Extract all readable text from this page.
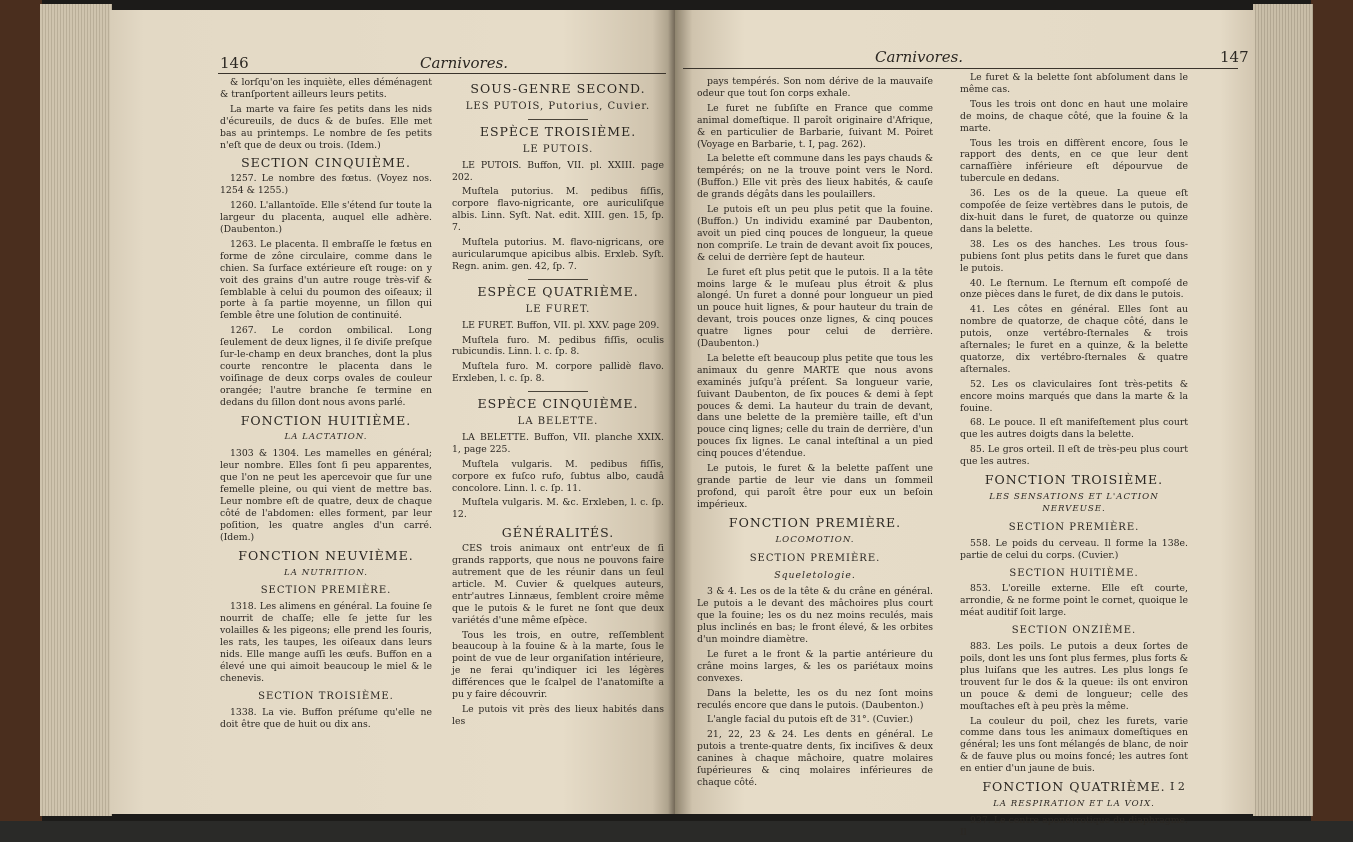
146	Carnivores.

& lorſqu'on les inquiète, elles déménagent & tranſportent ailleurs leurs petits.

La marte va faire ſes petits dans les nids d'écureuils, de ducs & de buſes. Elle met bas au printemps. Le nombre de ſes petits n'eſt que de deux ou trois. (Idem.)

SECTION CINQUIÈME.

1257. Le nombre des fœtus. (Voyez nos. 1254 & 1255.)

1260. L'allantoïde. Elle s'étend ſur toute la largeur du placenta, auquel elle adhère. (Daubenton.)

1263. Le placenta. Il embraſſe le fœtus en forme de zône circulaire, comme dans le chien. Sa ſurface extérieure eſt rouge: on y voit des grains d'un autre rouge très-vif & ſemblable à celui du poumon des oiſeaux; il porte à ſa partie moyenne, un ſillon qui ſemble être une ſolution de continuité.

1267. Le cordon ombilical. Long ſeulement de deux lignes, il ſe diviſe preſque ſur-le-champ en deux branches, dont la plus courte rencontre le placenta dans le voiſinage de deux corps ovales de couleur orangée; l'autre branche ſe termine en dedans du ſillon dont nous avons parlé.

FONCTION HUITIÈME.

LA LACTATION.

1303 & 1304. Les mamelles en général; leur nombre. Elles ſont ſi peu apparentes, que l'on ne peut les apercevoir que ſur une femelle pleine, ou qui vient de mettre bas. Leur nombre eſt de quatre, deux de chaque côté de l'abdomen: elles forment, par leur poſition, les quatre angles d'un carré. (Idem.)

FONCTION NEUVIÈME.

LA NUTRITION.

SECTION PREMIÈRE.

1318. Les alimens en général. La fouine ſe nourrit de chaſſe; elle ſe jette ſur les volailles & les pigeons; elle prend les ſouris, les rats, les taupes, les oiſeaux dans leurs nids. Elle mange auſſi les œufs. Buffon en a élevé une qui aimoit beaucoup le miel & le chenevis.

SECTION TROISIÈME.

1338. La vie. Buffon préſume qu'elle ne doit être que de huit ou dix ans.

SOUS-GENRE SECOND.

LES PUTOIS, Putorius, Cuvier.

ESPÈCE TROISIÈME.

LE PUTOIS.

LE PUTOIS. Buffon, VII. pl. XXIII. page 202.

Muſtela putorius. M. pedibus fiſſis, corpore flavo-nigricante, ore auriculiſque albis. Linn. Syſt. Nat. edit. XIII. gen. 15, ſp. 7.

Muſtela putorius. M. flavo-nigricans, ore auricularumque apicibus albis. Erxleb. Syſt. Regn. anim. gen. 42, ſp. 7.

ESPÈCE QUATRIÈME.

LE FURET.

LE FURET. Buffon, VII. pl. XXV. page 209.

Muſtela furo. M. pedibus fiſſis, oculis rubicundis. Linn. l. c. ſp. 8.

Muſtela furo. M. corpore pallidè flavo. Erxleben, l. c. ſp. 8.

ESPÈCE CINQUIÈME.

LA BELETTE.

LA BELETTE. Buffon, VII. planche XXIX. 1, page 225.

Muſtela vulgaris. M. pedibus fiſſis, corpore ex fuſco rufo, ſubtus albo, caudâ concolore. Linn. l. c. ſp. 11.

Muſtela vulgaris. M. &c. Erxleben, l. c. ſp. 12.

GÉNÉRALITÉS.

CES trois animaux ont entr'eux de ſi grands rapports, que nous ne pouvons faire autrement que de les réunir dans un ſeul article. M. Cuvier & quelques auteurs, entr'autres Linnæus, ſemblent croire même que le putois & le furet ne ſont que deux variétés d'une même eſpèce.

Tous les trois, en outre, reſſemblent beaucoup à la fouine & à la marte, ſous le point de vue de leur organiſation intérieure, je ne ferai qu'indiquer ici les légères différences que le ſcalpel de l'anatomiſte a pu y faire découvrir.

Le putois vit près des lieux habités dans les

Carnivores.	147

pays tempérés. Son nom dérive de la mauvaiſe odeur que tout ſon corps exhale.

Le furet ne ſubſiſte en France que comme animal domeſtique. Il paroît originaire d'Afrique, & en particulier de Barbarie, ſuivant M. Poiret (Voyage en Barbarie, t. I, pag. 262).

La belette eſt commune dans les pays chauds & tempérés; on ne la trouve point vers le Nord. (Buffon.) Elle vit près des lieux habités, & cauſe de grands dégâts dans les poulaillers.

Le putois eſt un peu plus petit que la fouine. (Buffon.) Un individu examiné par Daubenton, avoit un pied cinq pouces de longueur, la queue non compriſe. Le train de devant avoit ſix pouces, & celui de derrière ſept de hauteur.

Le furet eſt plus petit que le putois. Il a la tête moins large & le muſeau plus étroit & plus alongé. Un furet a donné pour longueur un pied un pouce huit lignes, & pour hauteur du train de devant, trois pouces onze lignes, & cinq pouces quatre lignes pour celui de derrière. (Daubenton.)

La belette eſt beaucoup plus petite que tous les animaux du genre MARTE que nous avons examinés juſqu'à préſent. Sa longueur varie, ſuivant Daubenton, de ſix pouces & demi à ſept pouces & demi. La hauteur du train de devant, dans une belette de la première taille, eſt d'un pouce cinq lignes; celle du train de derrière, d'un pouces ſix lignes. Le canal inteſtinal a un pied cinq pouces d'étendue.

Le putois, le furet & la belette paſſent une grande partie de leur vie dans un ſommeil profond, qui paroît être pour eux un beſoin impérieux.

FONCTION PREMIÈRE.

LOCOMOTION.

SECTION PREMIÈRE.

Squeletologie.

3 & 4. Les os de la tête & du crâne en général. Le putois a le devant des mâchoires plus court que la fouine; les os du nez moins reculés, mais plus inclinés en bas; le front élevé, & les orbites d'un moindre diamètre.

Le furet a le front & la partie antérieure du crâne moins larges, & les os pariétaux moins convexes.

Dans la belette, les os du nez ſont moins reculés encore que dans le putois. (Daubenton.)

L'angle facial du putois eſt de 31°. (Cuvier.)

21, 22, 23 & 24. Les dents en général. Le putois a trente-quatre dents, ſix inciſives & deux canines à chaque mâchoire, quatre molaires ſupérieures & cinq molaires inférieures de chaque côté.

Le furet & la belette ſont abſolument dans le même cas.

Tous les trois ont donc en haut une molaire de moins, de chaque côté, que la fouine & la marte.

Tous les trois en diffèrent encore, ſous le rapport des dents, en ce que leur dent carnaſſière inférieure eſt dépourvue de tubercule en dedans.

36. Les os de la queue. La queue eſt compoſée de ſeize vertèbres dans le putois, de dix-huit dans le furet, de quatorze ou quinze dans la belette.

38. Les os des hanches. Les trous ſous-pubiens ſont plus petits dans le furet que dans le putois.

40. Le ſternum. Le ſternum eſt compoſé de onze pièces dans le furet, de dix dans le putois.

41. Les côtes en général. Elles ſont au nombre de quatorze, de chaque côté, dans le putois, onze vertébro-ſternales & trois aſternales; le furet en a quinze, & la belette quatorze, dix vertébro-ſternales & quatre aſternales.

52. Les os claviculaires ſont très-petits & encore moins marqués que dans la marte & la fouine.

68. Le pouce. Il eſt manifeſtement plus court que les autres doigts dans la belette.

85. Le gros orteil. Il eſt de très-peu plus court que les autres.

FONCTION TROISIÈME.

LES SENSATIONS ET L'ACTION NERVEUSE.

SECTION PREMIÈRE.

558. Le poids du cerveau. Il forme la 138e. partie de celui du corps. (Cuvier.)

SECTION HUITIÈME.

853. L'oreille externe. Elle eſt courte, arrondie, & ne forme point le cornet, quoique le méat auditif ſoit large.

SECTION ONZIÈME.

883. Les poils. Le putois a deux ſortes de poils, dont les uns ſont plus fermes, plus forts & plus luiſans que les autres. Les plus longs ſe trouvent ſur le dos & la queue: ils ont environ un pouce & demi de longueur; celle des mouſtaches eſt à peu près la même.

La couleur du poil, chez les furets, varie comme dans tous les animaux domeſtiques en général; les uns ſont mélangés de blanc, de noir & de fauve plus ou moins foncé; les autres ſont en entier d'un jaune de buis.

FONCTION QUATRIÈME.

LA RESPIRATION ET LA VOIX.

937. Le centre aponévrotique du diaphragme. Il

I 2
